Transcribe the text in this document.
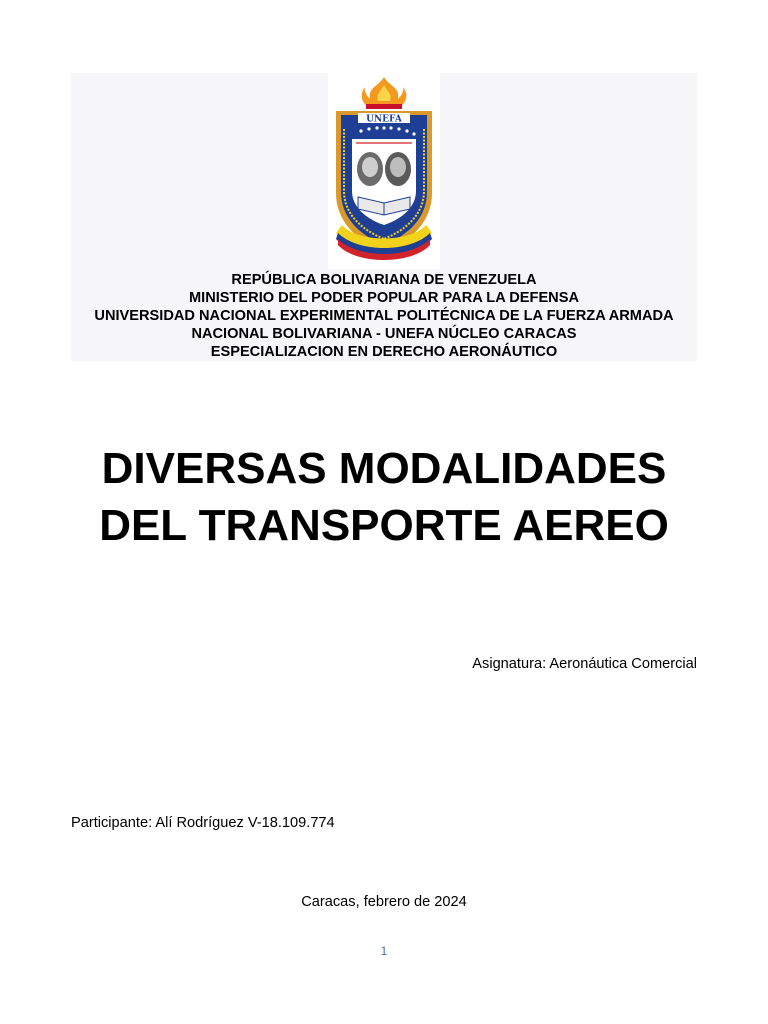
UNEFA
REPÚBLICA BOLIVARIANA DE VENEZUELA
MINISTERIO DEL PODER POPULAR PARA LA DEFENSA
UNIVERSIDAD NACIONAL EXPERIMENTAL POLITÉCNICA DE LA FUERZA ARMADA
NACIONAL BOLIVARIANA - UNEFA NÚCLEO CARACAS
ESPECIALIZACION EN DERECHO AERONÁUTICO
DIVERSAS MODALIDADES
DEL TRANSPORTE AEREO
Asignatura: Aeronáutica Comercial
Participante: Alí Rodríguez V-18.109.774
Caracas, febrero de 2024
1
